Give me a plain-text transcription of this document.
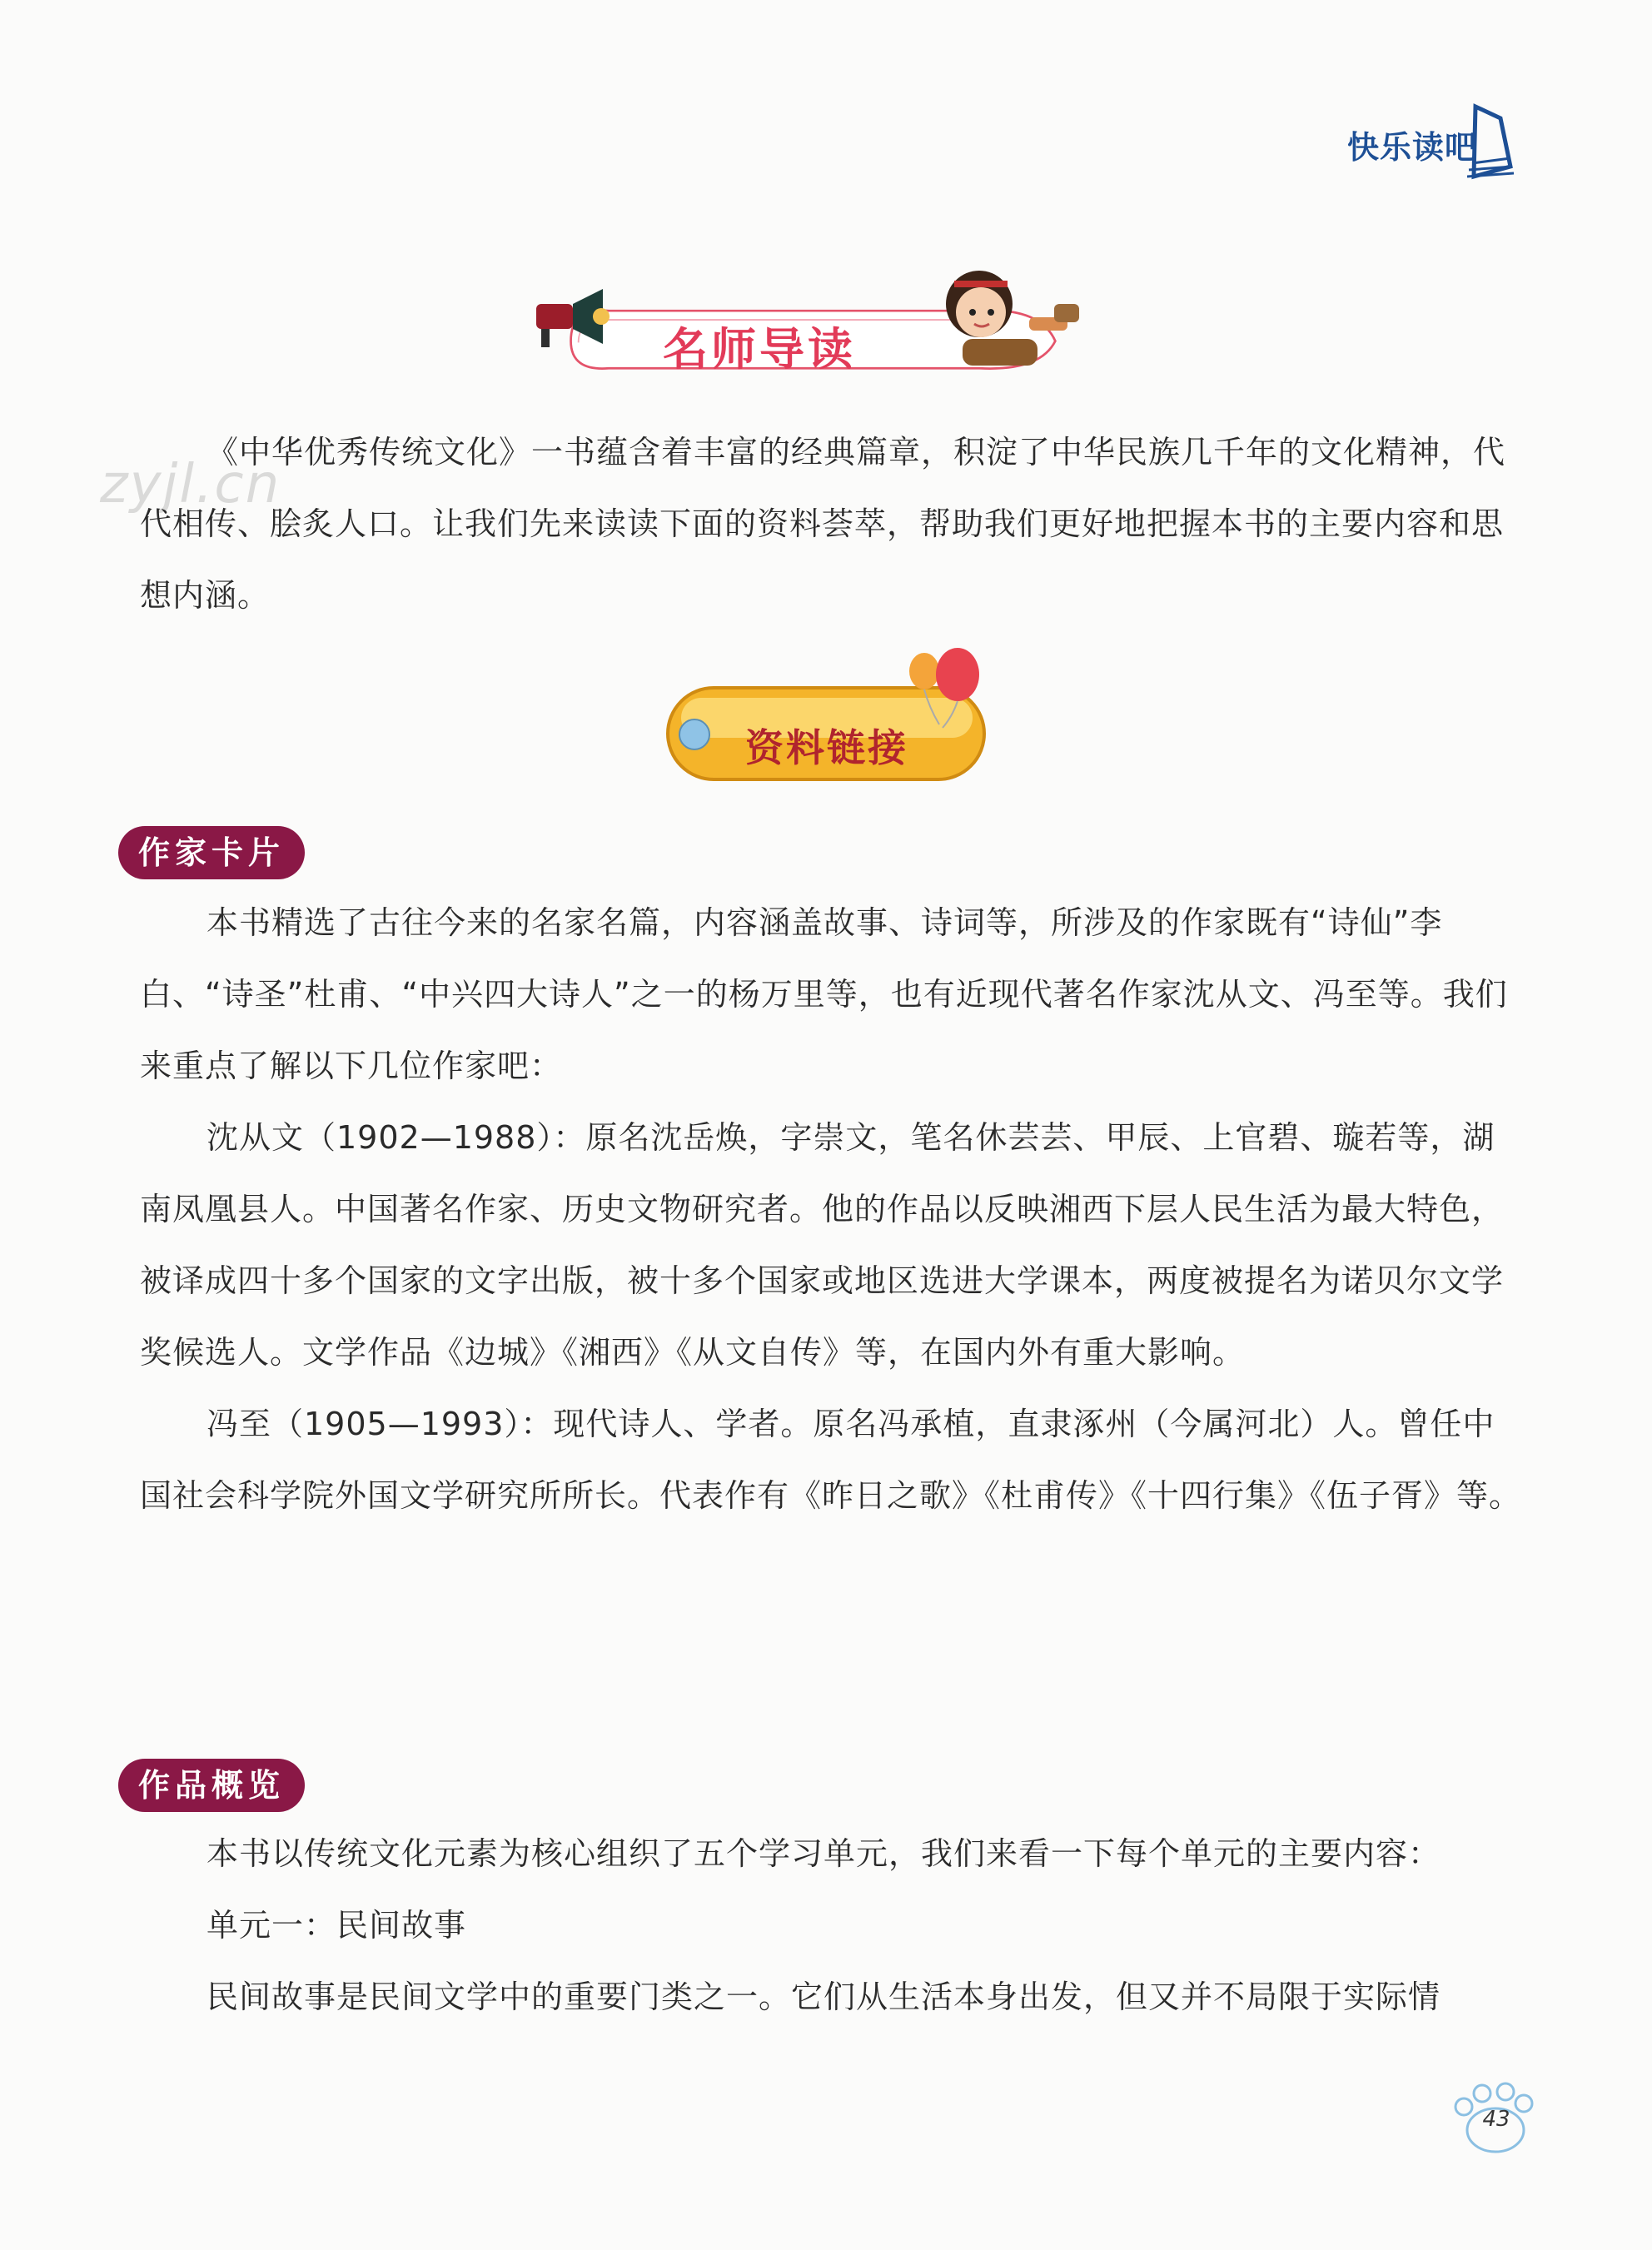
快乐读吧
名师导读
zyjl.cn

《中华优秀传统文化》一书蕴含着丰富的经典篇章，积淀了中华民族几千年的文化精神，代代相传、脍炙人口。让我们先来读读下面的资料荟萃，帮助我们更好地把握本书的主要内容和思想内涵。

资料链接
作家卡片

本书精选了古往今来的名家名篇，内容涵盖故事、诗词等，所涉及的作家既有“诗仙”李白、“诗圣”杜甫、“中兴四大诗人”之一的杨万里等，也有近现代著名作家沈从文、冯至等。我们来重点了解以下几位作家吧：

沈从文（1902—1988）：原名沈岳焕，字崇文，笔名休芸芸、甲辰、上官碧、璇若等，湖南凤凰县人。中国著名作家、历史文物研究者。他的作品以反映湘西下层人民生活为最大特色，被译成四十多个国家的文字出版，被十多个国家或地区选进大学课本，两度被提名为诺贝尔文学奖候选人。文学作品《边城》《湘西》《从文自传》等，在国内外有重大影响。

冯至（1905—1993）：现代诗人、学者。原名冯承植，直隶涿州（今属河北）人。曾任中国社会科学院外国文学研究所所长。代表作有《昨日之歌》《杜甫传》《十四行集》《伍子胥》等。

作品概览

本书以传统文化元素为核心组织了五个学习单元，我们来看一下每个单元的主要内容：

单元一：民间故事

民间故事是民间文学中的重要门类之一。它们从生活本身出发，但又并不局限于实际情

43
